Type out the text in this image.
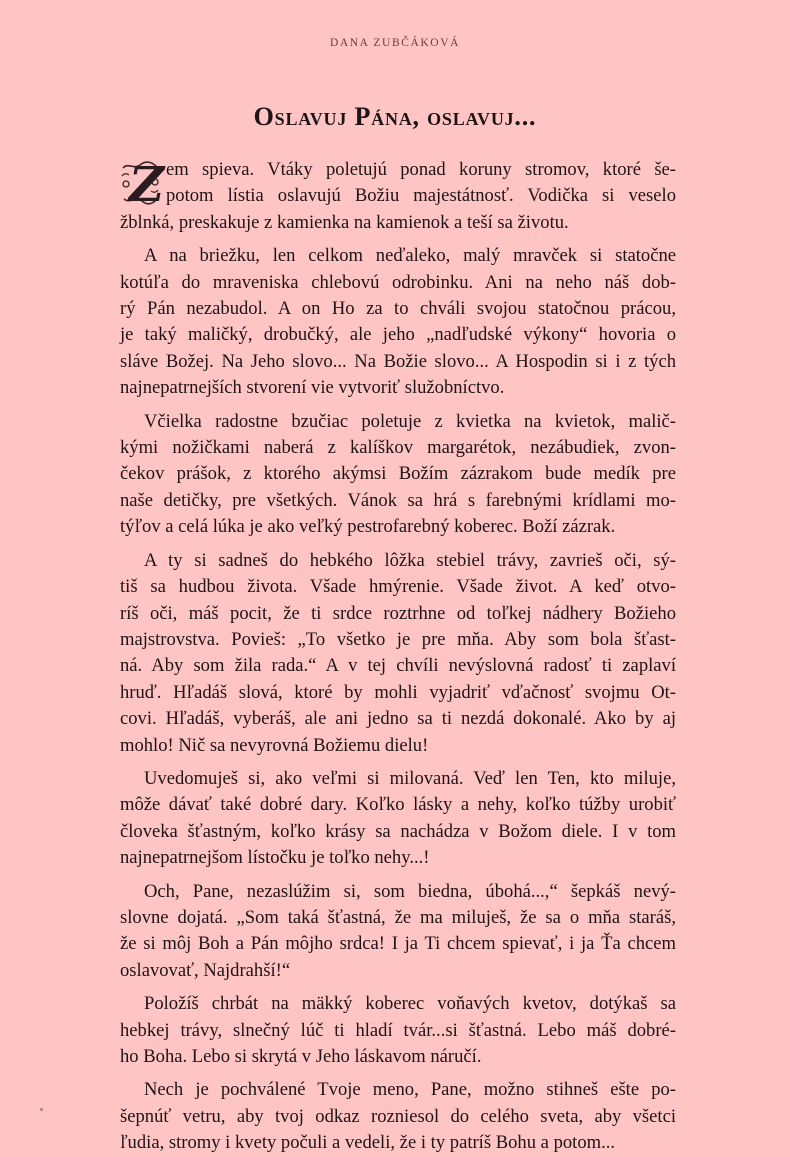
DANA ZUBČÁKOVÁ
Oslavuj Pána, oslavuj...
Z em spieva. Vtáky poletujú ponad koruny stromov, ktoré še-
potom lístia oslavujú Božiu majestátnosť. Vodička si veselo
žblnká, preskakuje z kamienka na kamienok a teší sa životu.
A na briežku, len celkom neďaleko, malý mravček si statočne
kotúľa do mraveniska chlebovú odrobinku. Ani na neho náš dob-
rý Pán nezabudol. A on Ho za to chváli svojou statočnou prácou,
je taký maličký, drobučký, ale jeho „nadľudské výkony“ hovoria o
sláve Božej. Na Jeho slovo... Na Božie slovo... A Hospodin si i z tých
najnepatrnejších stvorení vie vytvoriť služobníctvo.
Včielka radostne bzučiac poletuje z kvietka na kvietok, malič-
kými nožičkami naberá z kalíškov margarétok, nezábudiek, zvon-
čekov prášok, z ktorého akýmsi Božím zázrakom bude medík pre
naše detičky, pre všetkých. Vánok sa hrá s farebnými krídlami mo-
týľov a celá lúka je ako veľký pestrofarebný koberec. Boží zázrak.
A ty si sadneš do hebkého lôžka stebiel trávy, zavrieš oči, sý-
tiš sa hudbou života. Všade hmýrenie. Všade život. A keď otvo-
ríš oči, máš pocit, že ti srdce roztrhne od toľkej nádhery Božieho
majstrovstva. Povieš: „To všetko je pre mňa. Aby som bola šťast-
ná. Aby som žila rada.“ A v tej chvíli nevýslovná radosť ti zaplaví
hruď. Hľadáš slová, ktoré by mohli vyjadriť vďačnosť svojmu Ot-
covi. Hľadáš, vyberáš, ale ani jedno sa ti nezdá dokonalé. Ako by aj
mohlo! Nič sa nevyrovná Božiemu dielu!
Uvedomuješ si, ako veľmi si milovaná. Veď len Ten, kto miluje,
môže dávať také dobré dary. Koľko lásky a nehy, koľko túžby urobiť
človeka šťastným, koľko krásy sa nachádza v Božom diele. I v tom
najnepatrnejšom lístočku je toľko nehy...!
Och, Pane, nezaslúžim si, som biedna, úbohá...,“ šepkáš nevý-
slovne dojatá. „Som taká šťastná, že ma miluješ, že sa o mňa staráš,
že si môj Boh a Pán môjho srdca! I ja Ti chcem spievať, i ja Ťa chcem
oslavovať, Najdrahší!“
Položíš chrbát na mäkký koberec voňavých kvetov, dotýkaš sa
hebkej trávy, slnečný lúč ti hladí tvár...si šťastná. Lebo máš dobré-
ho Boha. Lebo si skrytá v Jeho láskavom náručí.
Nech je pochválené Tvoje meno, Pane, možno stihneš ešte po-
šepnúť vetru, aby tvoj odkaz rozniesol do celého sveta, aby všetci
ľudia, stromy i kvety počuli a vedeli, že i ty patríš Bohu a potom...
